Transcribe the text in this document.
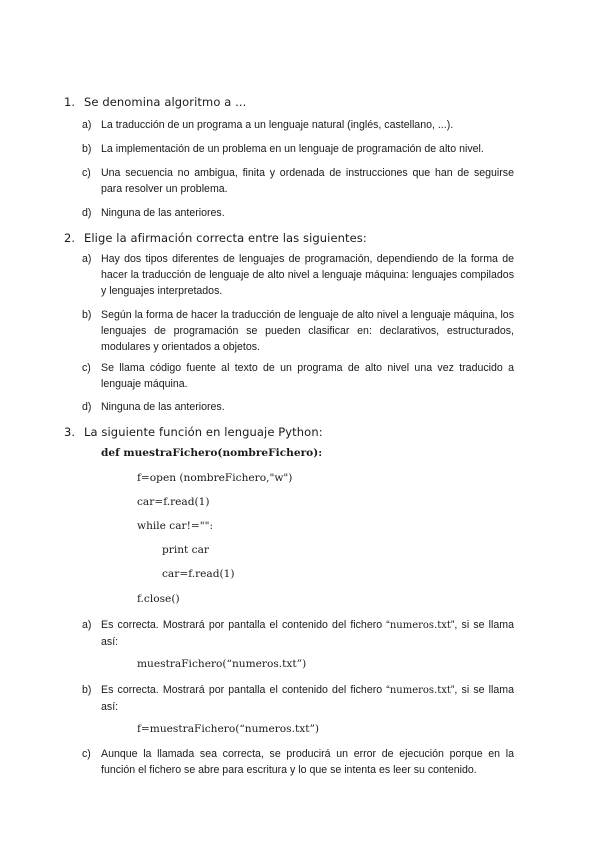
1. Se denomina algoritmo a ...
a) La traducción de un programa a un lenguaje natural (inglés, castellano, ...).
b) La implementación de un problema en un lenguaje de programación de alto nivel.
c) Una secuencia no ambigua, finita y ordenada de instrucciones que han de seguirse para resolver un problema.
d) Ninguna de las anteriores.
2. Elige la afirmación correcta entre las siguientes:
a) Hay dos tipos diferentes de lenguajes de programación, dependiendo de la forma de hacer la traducción de lenguaje de alto nivel a lenguaje máquina: lenguajes compilados y lenguajes interpretados.
b) Según la forma de hacer la traducción de lenguaje de alto nivel a lenguaje máquina, los lenguajes de programación se pueden clasificar en: declarativos, estructurados, modulares y orientados a objetos.
c) Se llama código fuente al texto de un programa de alto nivel una vez traducido a lenguaje máquina.
d) Ninguna de las anteriores.
3. La siguiente función en lenguaje Python:
def muestraFichero(nombreFichero):
f=open (nombreFichero,"w")
car=f.read(1)
while car!="":
print car
car=f.read(1)
f.close()
a) Es correcta. Mostrará por pantalla el contenido del fichero “numeros.txt”, si se llama así:
muestraFichero(“numeros.txt”)
b) Es correcta. Mostrará por pantalla el contenido del fichero “numeros.txt”, si se llama así:
f=muestraFichero(“numeros.txt”)
c) Aunque la llamada sea correcta, se producirá un error de ejecución porque en la función el fichero se abre para escritura y lo que se intenta es leer su contenido.
